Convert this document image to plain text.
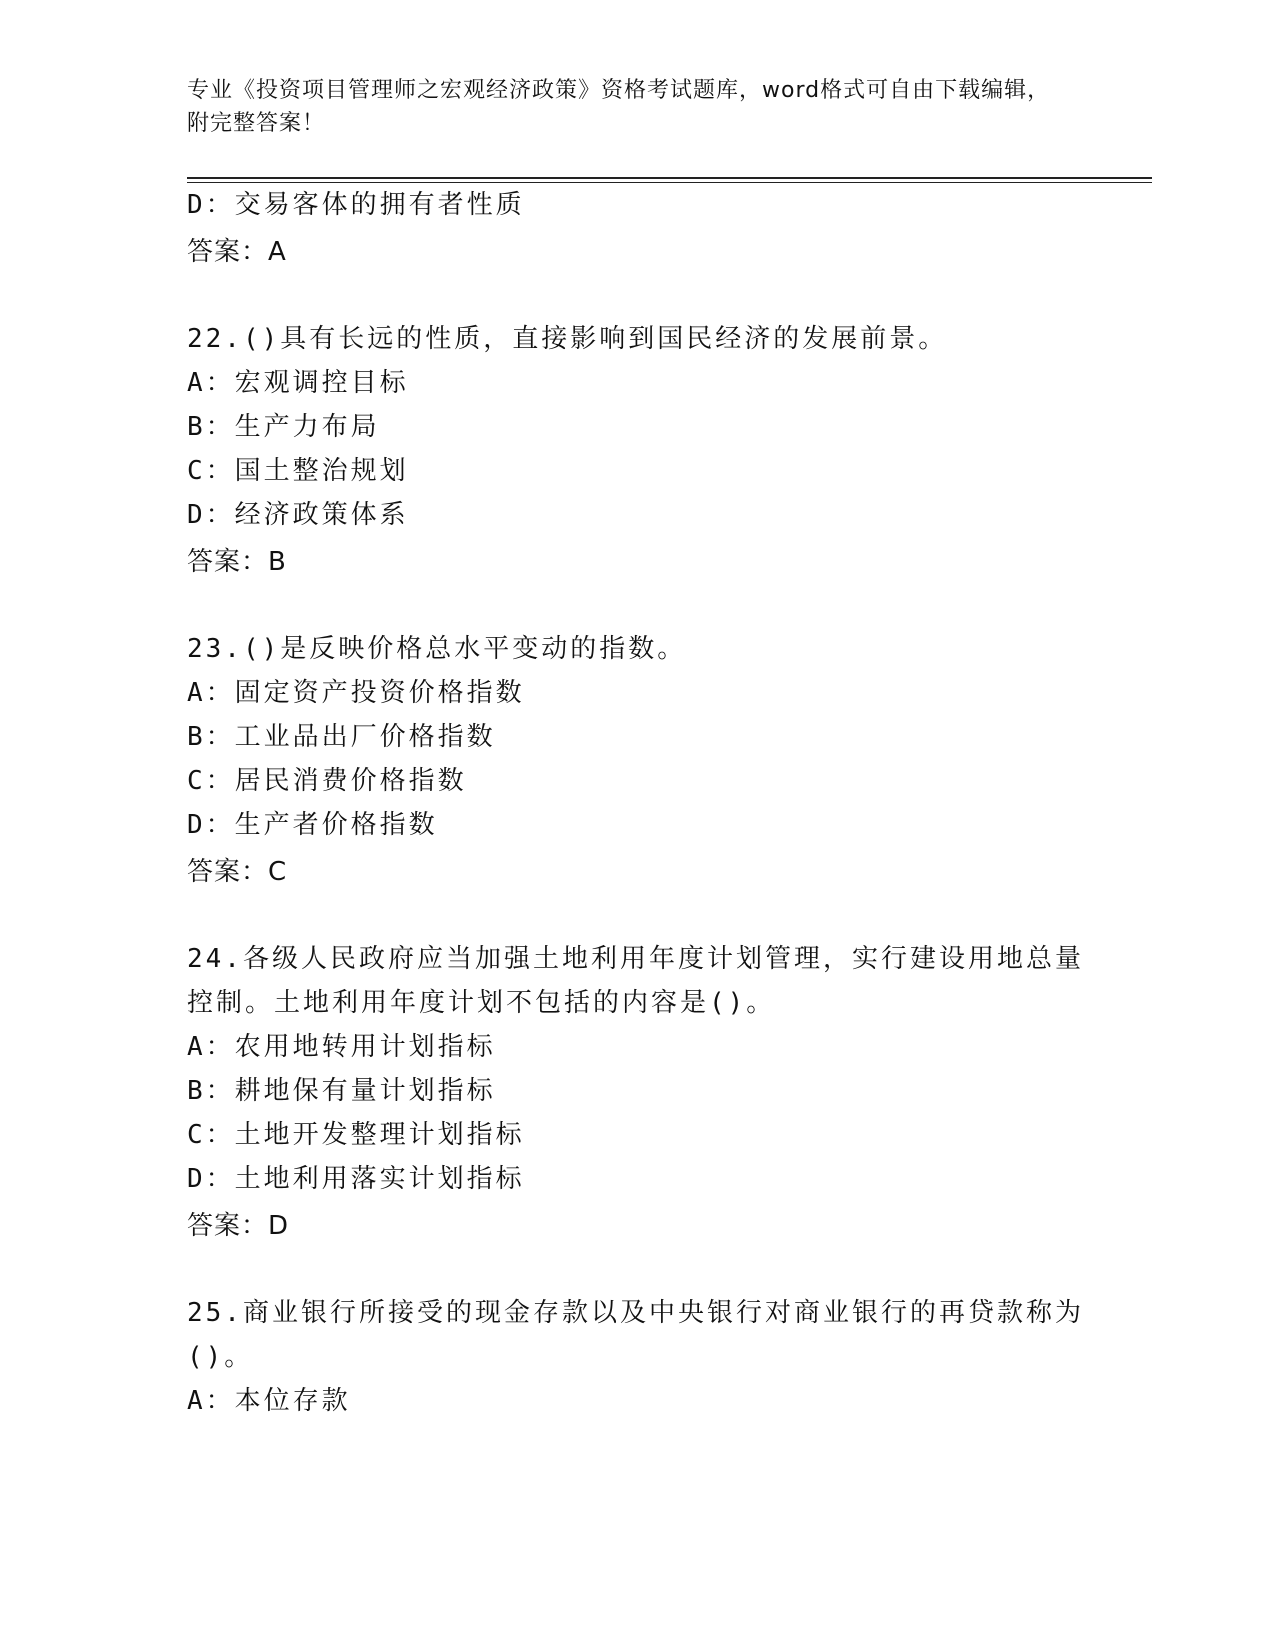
专业《投资项目管理师之宏观经济政策》资格考试题库，word格式可自由下载编辑，附完整答案！
D：交易客体的拥有者性质
答案：A
22.()具有长远的性质，直接影响到国民经济的发展前景。
A：宏观调控目标
B：生产力布局
C：国土整治规划
D：经济政策体系
答案：B
23.()是反映价格总水平变动的指数。
A：固定资产投资价格指数
B：工业品出厂价格指数
C：居民消费价格指数
D：生产者价格指数
答案：C
24.各级人民政府应当加强土地利用年度计划管理，实行建设用地总量
控制。土地利用年度计划不包括的内容是()。
A：农用地转用计划指标
B：耕地保有量计划指标
C：土地开发整理计划指标
D：土地利用落实计划指标
答案：D
25.商业银行所接受的现金存款以及中央银行对商业银行的再贷款称为
()。
A：本位存款
